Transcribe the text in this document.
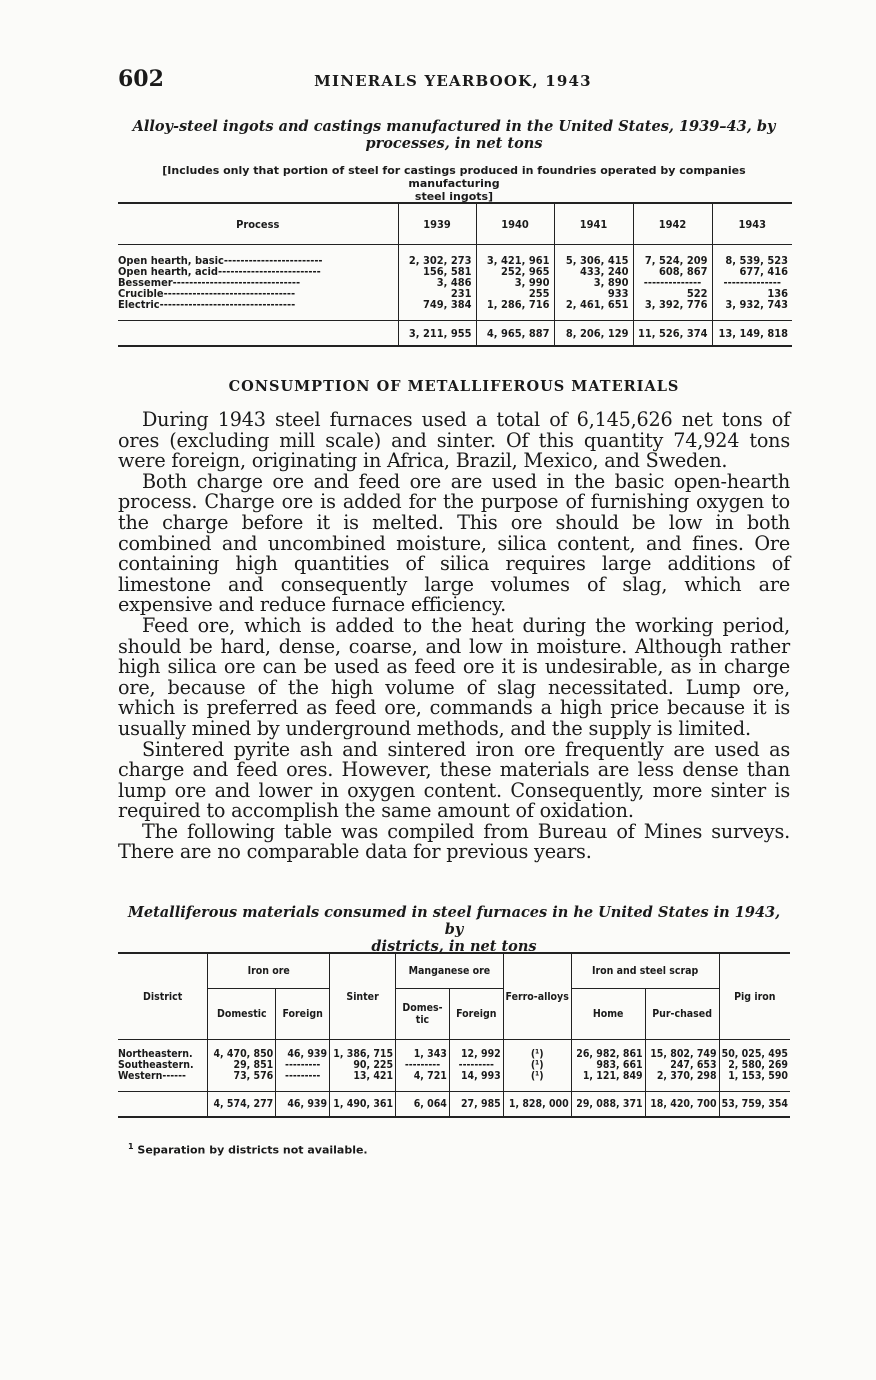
602	MINERALS YEARBOOK, 1943
Alloy-steel ingots and castings manufactured in the United States, 1939–43, by
processes, in net tons
[Includes only that portion of steel for castings produced in foundries operated by companies manufacturing
steel ingots]
Process	1939	1940	1941	1942	1943

Open hearth, basic------------------------	2, 302, 273	3, 421, 961	5, 306, 415	7, 524, 209	8, 539, 523
Open hearth, acid-------------------------	156, 581	252, 965	433, 240	608, 867	677, 416
Bessemer-------------------------------	3, 486	3, 990	3, 890	--------------	--------------
Crucible--------------------------------	231	255	933	522	136
Electric---------------------------------	749, 384	1, 286, 716	2, 461, 651	3, 392, 776	3, 932, 743

	3, 211, 955	4, 965, 887	8, 206, 129	11, 526, 374	13, 149, 818
CONSUMPTION OF METALLIFEROUS MATERIALS

During 1943 steel furnaces used a total of 6,145,626 net tons of ores (excluding mill scale) and sinter. Of this quantity 74,924 tons were foreign, originating in Africa, Brazil, Mexico, and Sweden.

Both charge ore and feed ore are used in the basic open-hearth process. Charge ore is added for the purpose of furnishing oxygen to the charge before it is melted. This ore should be low in both combined and uncombined moisture, silica content, and fines. Ore containing high quantities of silica requires large additions of limestone and consequently large volumes of slag, which are expensive and reduce furnace efficiency.

Feed ore, which is added to the heat during the working period, should be hard, dense, coarse, and low in moisture. Although rather high silica ore can be used as feed ore it is undesirable, as in charge ore, because of the high volume of slag necessitated. Lump ore, which is preferred as feed ore, commands a high price because it is usually mined by underground methods, and the supply is limited.

Sintered pyrite ash and sintered iron ore frequently are used as charge and feed ores. However, these materials are less dense than lump ore and lower in oxygen content. Consequently, more sinter is required to accomplish the same amount of oxidation.

The following table was compiled from Bureau of Mines surveys. There are no comparable data for previous years.

Metalliferous materials consumed in steel furnaces in he United States in 1943, by
districts, in net tons
District	Iron ore		Sinter	Manganese ore		Ferro-alloys	Iron and steel scrap		Pig iron
	Domestic	Foreign		Domes-tic	Foreign		Home	Pur-chased	

Northeastern.	4, 470, 850	46, 939	1, 386, 715	1, 343	12, 992	(¹)	26, 982, 861	15, 802, 749	50, 025, 495
Southeastern.	29, 851	---------	90, 225	---------	---------	(¹)	983, 661	247, 653	2, 580, 269
Western------	73, 576	---------	13, 421	4, 721	14, 993	(¹)	1, 121, 849	2, 370, 298	1, 153, 590

	4, 574, 277	46, 939	1, 490, 361	6, 064	27, 985	1, 828, 000	29, 088, 371	18, 420, 700	53, 759, 354
$^1$ Separation by districts not available.
